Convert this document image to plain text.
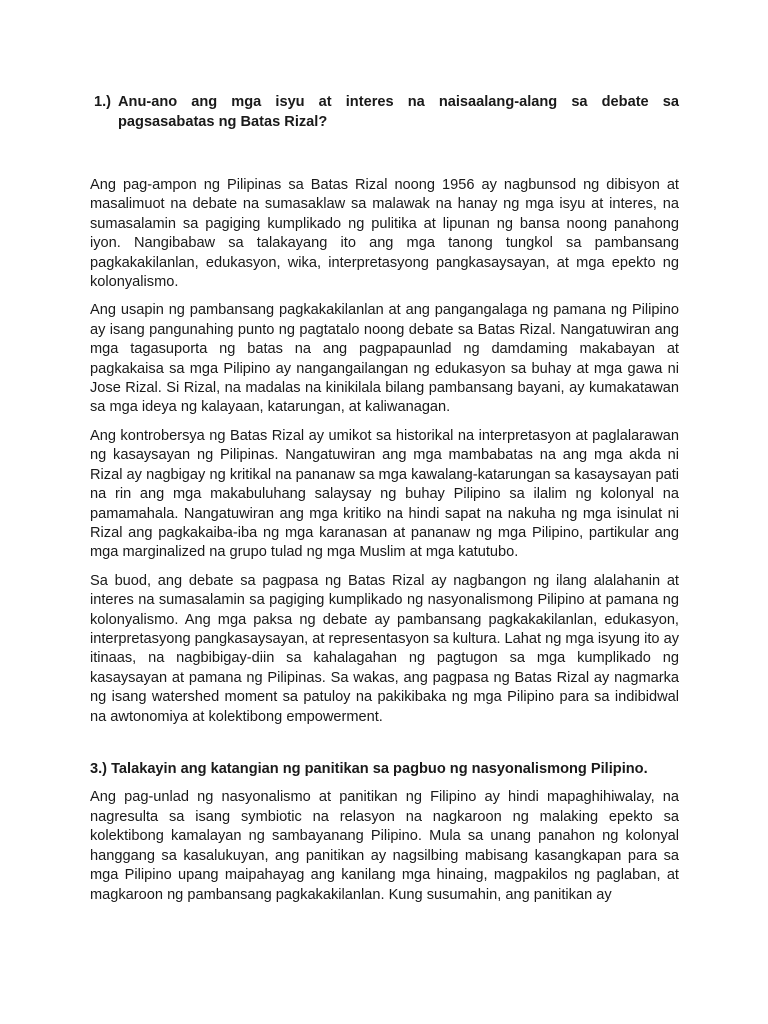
1.) Anu-ano ang mga isyu at interes na naisaalang-alang sa debate sa pagsasabatas ng Batas Rizal?

Ang pag-ampon ng Pilipinas sa Batas Rizal noong 1956 ay nagbunsod ng dibisyon at masalimuot na debate na sumasaklaw sa malawak na hanay ng mga isyu at interes, na sumasalamin sa pagiging kumplikado ng pulitika at lipunan ng bansa noong panahong iyon. Nangibabaw sa talakayang ito ang mga tanong tungkol sa pambansang pagkakakilanlan, edukasyon, wika, interpretasyong pangkasaysayan, at mga epekto ng kolonyalismo.

Ang usapin ng pambansang pagkakakilanlan at ang pangangalaga ng pamana ng Pilipino ay isang pangunahing punto ng pagtatalo noong debate sa Batas Rizal. Nangatuwiran ang mga tagasuporta ng batas na ang pagpapaunlad ng damdaming makabayan at pagkakaisa sa mga Pilipino ay nangangailangan ng edukasyon sa buhay at mga gawa ni Jose Rizal. Si Rizal, na madalas na kinikilala bilang pambansang bayani, ay kumakatawan sa mga ideya ng kalayaan, katarungan, at kaliwanagan.

Ang kontrobersya ng Batas Rizal ay umikot sa historikal na interpretasyon at paglalarawan ng kasaysayan ng Pilipinas. Nangatuwiran ang mga mambabatas na ang mga akda ni Rizal ay nagbigay ng kritikal na pananaw sa mga kawalang-katarungan sa kasaysayan pati na rin ang mga makabuluhang salaysay ng buhay Pilipino sa ilalim ng kolonyal na pamamahala. Nangatuwiran ang mga kritiko na hindi sapat na nakuha ng mga isinulat ni Rizal ang pagkakaiba-iba ng mga karanasan at pananaw ng mga Pilipino, partikular ang mga marginalized na grupo tulad ng mga Muslim at mga katutubo.

Sa buod, ang debate sa pagpasa ng Batas Rizal ay nagbangon ng ilang alalahanin at interes na sumasalamin sa pagiging kumplikado ng nasyonalismong Pilipino at pamana ng kolonyalismo. Ang mga paksa ng debate ay pambansang pagkakakilanlan, edukasyon, interpretasyong pangkasaysayan, at representasyon sa kultura. Lahat ng mga isyung ito ay itinaas, na nagbibigay-diin sa kahalagahan ng pagtugon sa mga kumplikado ng kasaysayan at pamana ng Pilipinas. Sa wakas, ang pagpasa ng Batas Rizal ay nagmarka ng isang watershed moment sa patuloy na pakikibaka ng mga Pilipino para sa indibidwal na awtonomiya at kolektibong empowerment.

3.) Talakayin ang katangian ng panitikan sa pagbuo ng nasyonalismong Pilipino.

Ang pag-unlad ng nasyonalismo at panitikan ng Filipino ay hindi mapaghihiwalay, na nagresulta sa isang symbiotic na relasyon na nagkaroon ng malaking epekto sa kolektibong kamalayan ng sambayanang Pilipino. Mula sa unang panahon ng kolonyal hanggang sa kasalukuyan, ang panitikan ay nagsilbing mabisang kasangkapan para sa mga Pilipino upang maipahayag ang kanilang mga hinaing, magpakilos ng paglaban, at magkaroon ng pambansang pagkakakilanlan. Kung susumahin, ang panitikan ay
